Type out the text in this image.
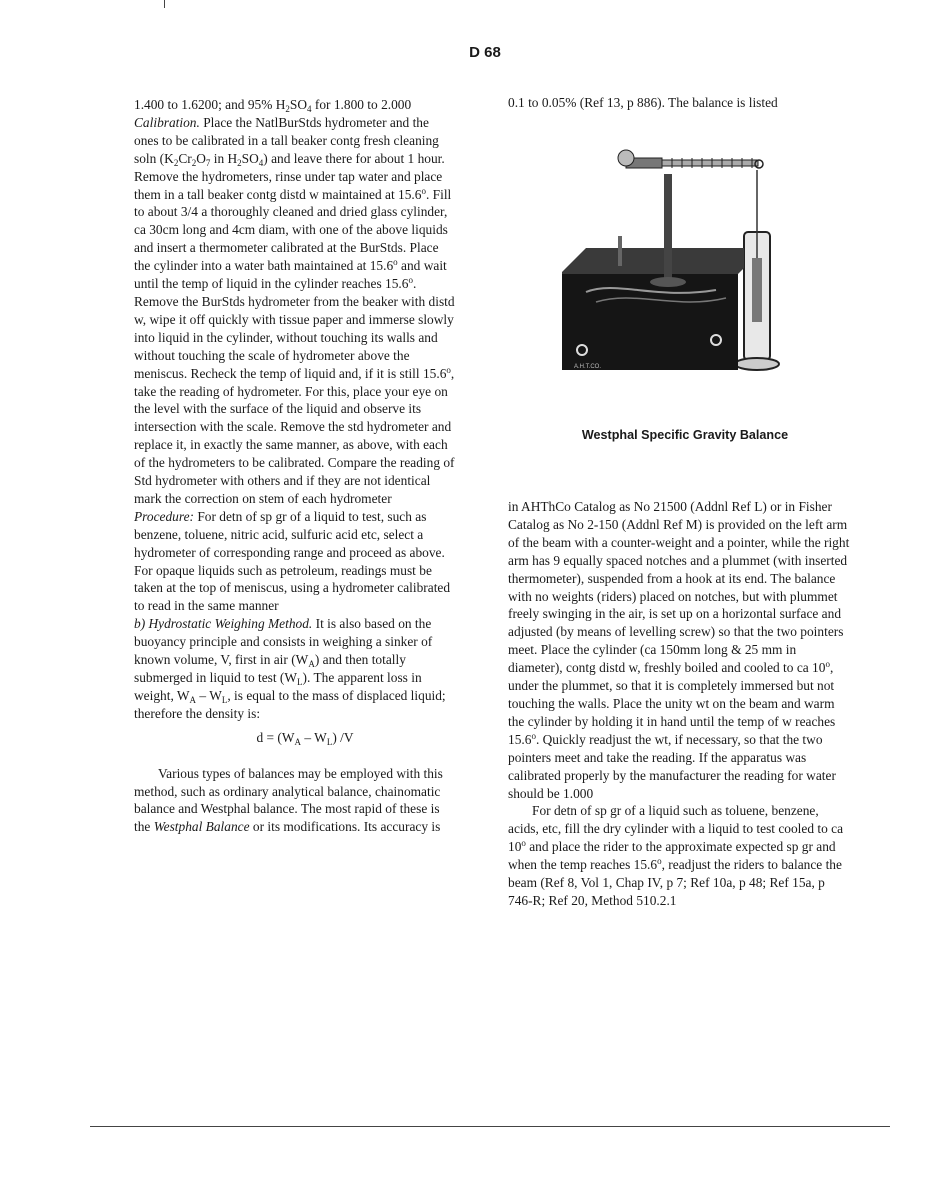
D 68

1.400 to 1.6200; and 95% $H_2SO_4$ for 1.800 to 2.000

Calibration. Place the NatlBurStds hydrometer and the ones to be calibrated in a tall beaker contg fresh cleaning soln ($K_2Cr_2O_7$ in $H_2SO_4$) and leave there for about 1 hour. Remove the hydrometers, rinse under tap water and place them in a tall beaker contg distd w maintained at 15.6$^o$. Fill to about 3/4 a thoroughly cleaned and dried glass cylinder, ca 30cm long and 4cm diam, with one of the above liquids and insert a thermometer calibrated at the BurStds. Place the cylinder into a water bath maintained at 15.6$^o$ and wait until the temp of liquid in the cylinder reaches 15.6$^o$. Remove the BurStds hydrometer from the beaker with distd w, wipe it off quickly with tissue paper and immerse slowly into liquid in the cylinder, without touching its walls and without touching the scale of hydrometer above the meniscus. Recheck the temp of liquid and, if it is still 15.6$^o$, take the reading of hydrometer. For this, place your eye on the level with the surface of the liquid and observe its intersection with the scale. Remove the std hydrometer and replace it, in exactly the same manner, as above, with each of the hydrometers to be calibrated. Compare the reading of Std hydrometer with others and if they are not identical mark the correction on stem of each hydrometer

Procedure: For detn of sp gr of a liquid to test, such as benzene, toluene, nitric acid, sulfuric acid etc, select a hydrometer of corresponding range and proceed as above. For opaque liquids such as petroleum, readings must be taken at the top of meniscus, using a hydrometer calibrated to read in the same manner

b) Hydrostatic Weighing Method. It is also based on the buoyancy principle and consists in weighing a sinker of known volume, V, first in air $(W_A)$ and then totally submerged in liquid to test $(W_L)$. The apparent loss in weight, $W_A - W_L$, is equal to the mass of displaced liquid; therefore the density is:

$d = (W_A - W_L)$ /V

Various types of balances may be employed with this method, such as ordinary analytical balance, chainomatic balance and Westphal balance. The most rapid of these is the Westphal Balance or its modifications. Its accuracy is

0.1 to 0.05% (Ref 13, p 886). The balance is listed

A.H.T.CO.
Westphal Specific Gravity Balance

in AHThCo Catalog as No 21500 (Addnl Ref L) or in Fisher Catalog as No 2-150 (Addnl Ref M) is provided on the left arm of the beam with a counter-weight and a pointer, while the right arm has 9 equally spaced notches and a plummet (with inserted thermometer), suspended from a hook at its end. The balance with no weights (riders) placed on notches, but with plummet freely swinging in the air, is set up on a horizontal surface and adjusted (by means of levelling screw) so that the two pointers meet. Place the cylinder (ca 150mm long & 25 mm in diameter), contg distd w, freshly boiled and cooled to ca 10$^o$, under the plummet, so that it is completely immersed but not touching the walls. Place the unity wt on the beam and warm the cylinder by holding it in hand until the temp of w reaches 15.6$^o$. Quickly readjust the wt, if necessary, so that the two pointers meet and take the reading. If the apparatus was calibrated properly by the manufacturer the reading for water should be 1.000

For detn of sp gr of a liquid such as toluene, benzene, acids, etc, fill the dry cylinder with a liquid to test cooled to ca 10$^o$ and place the rider to the approximate expected sp gr and when the temp reaches 15.6$^o$, readjust the riders to balance the beam (Ref 8, Vol 1, Chap IV, p 7; Ref 10a, p 48; Ref 15a, p 746-R; Ref 20, Method 510.2.1
